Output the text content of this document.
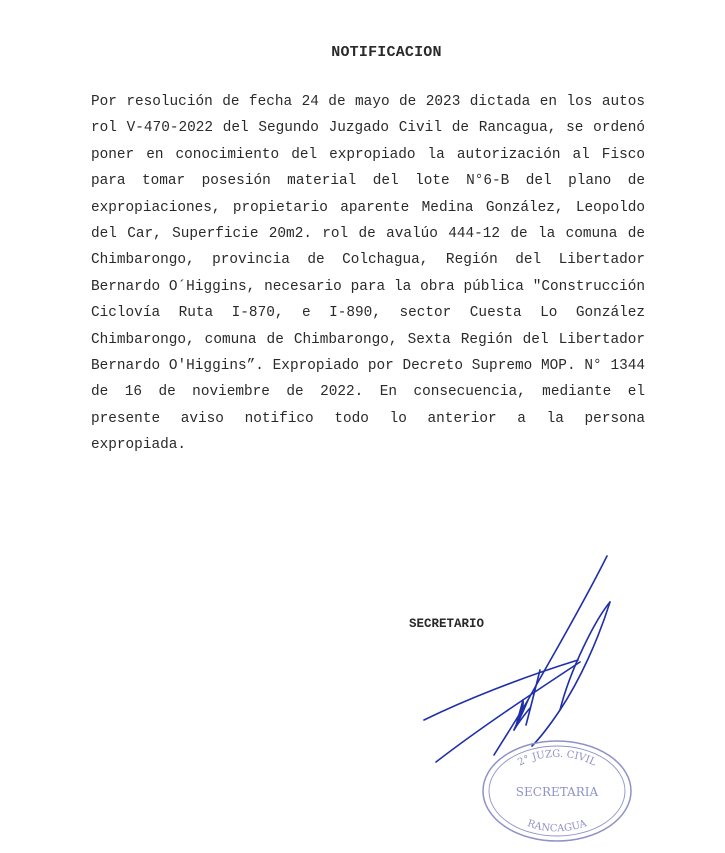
NOTIFICACION

Por resolución de fecha 24 de mayo de 2023 dictada en los autos rol V-470-2022 del Segundo Juzgado Civil de Rancagua, se ordenó poner en conocimiento del expropiado la autorización al Fisco para tomar posesión material del lote N°6-B del plano de expropiaciones, propietario aparente Medina González, Leopoldo del Car, Superficie 20m2. rol de avalúo 444-12 de la comuna de Chimbarongo, provincia de Colchagua, Región del Libertador Bernardo O´Higgins, necesario para la obra pública "Construcción Ciclovía Ruta I-870, e I-890, sector Cuesta Lo González Chimbarongo, comuna de Chimbarongo, Sexta Región del Libertador Bernardo O'Higgins”. Expropiado por Decreto Supremo MOP. N° 1344 de 16 de noviembre de 2022. En consecuencia, mediante el presente aviso notifico todo lo anterior a la persona expropiada.

SECRETARIO
2° JUZG. CIVIL
SECRETARIA
RANCAGUA
